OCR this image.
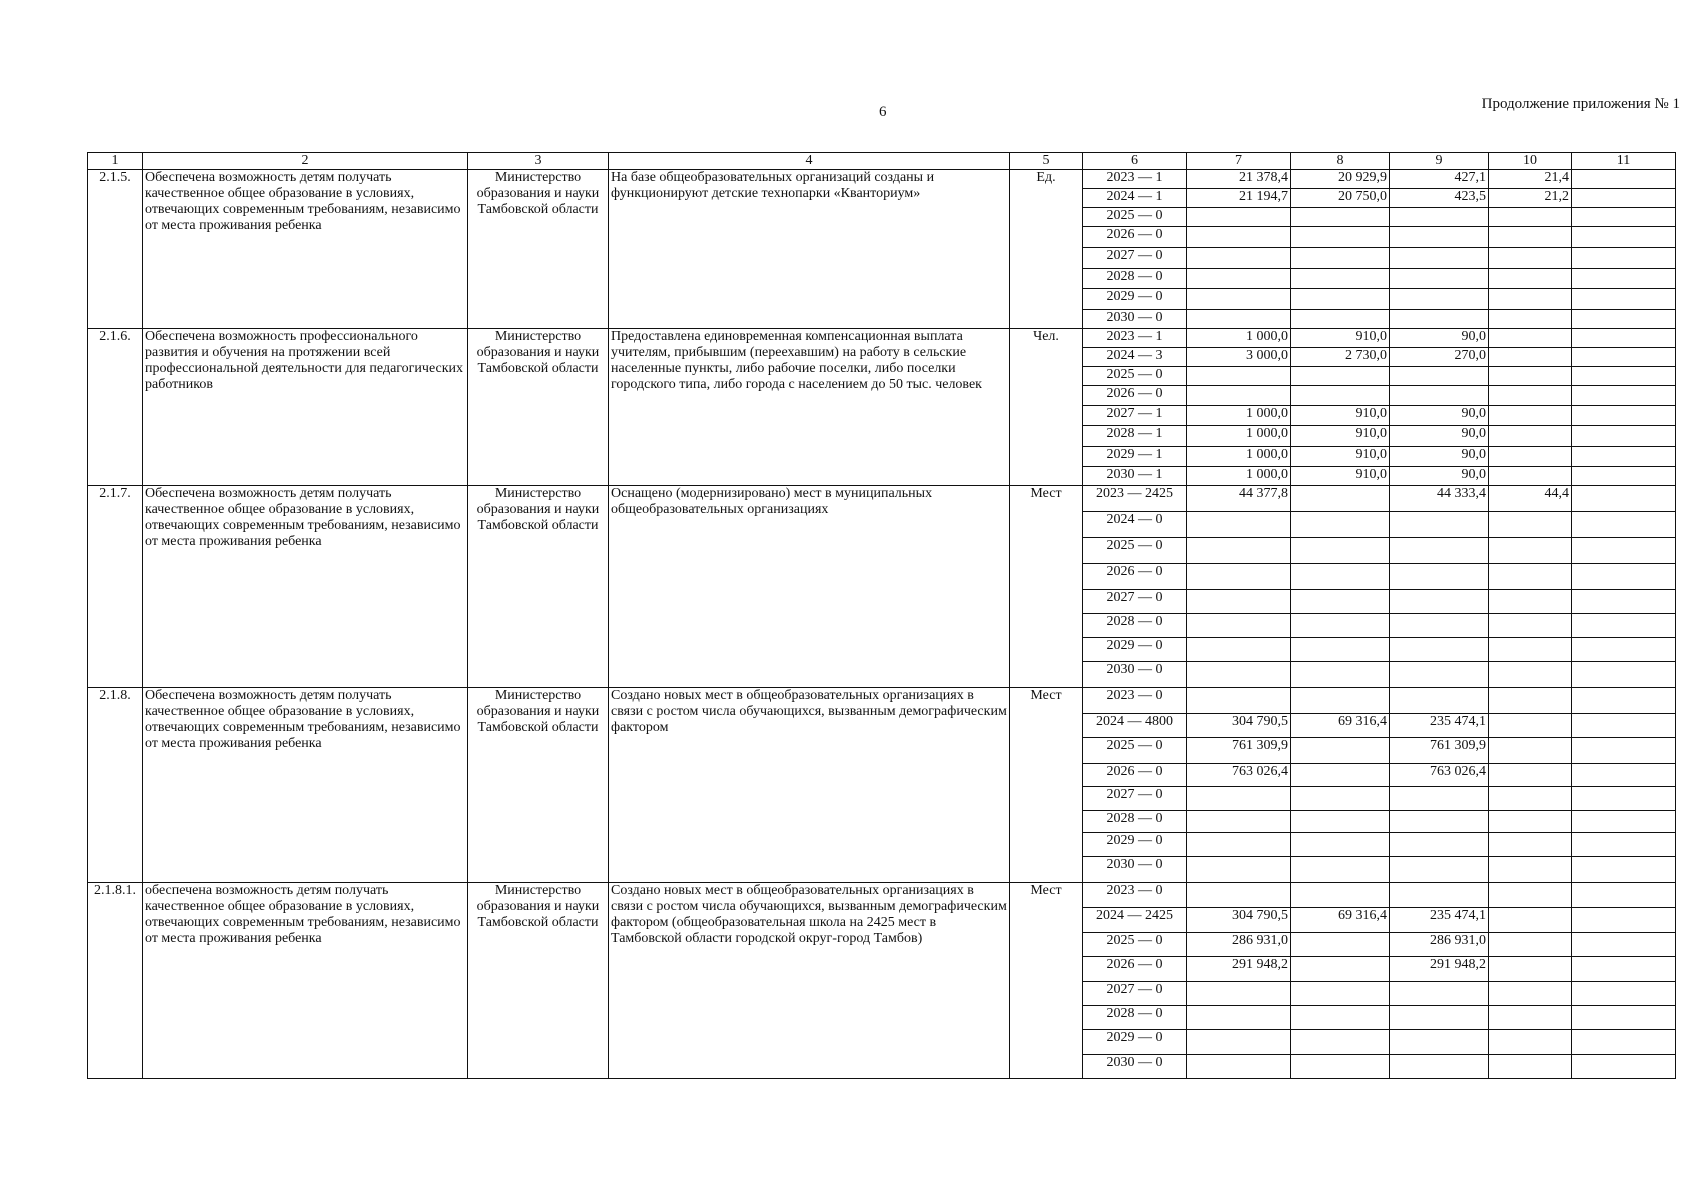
6	Продолжение приложения № 1
1	2	3	4	5	6	7	8	9	10	11
2.1.5.	Обеспечена возможность детям получать качественное общее образование в условиях, отвечающих современным требованиям, независимо от места проживания ребенка	Министерство образования и науки Тамбовской области	На базе общеобразовательных организаций созданы и функционируют детские технопарки «Кванториум»	Ед.	2023 — 1	21 378,4	20 929,9	427,1	21,4	
					2024 — 1	21 194,7	20 750,0	423,5	21,2	
					2025 — 0					
					2026 — 0					
					2027 — 0					
					2028 — 0					
					2029 — 0					
					2030 — 0					
2.1.6.	Обеспечена возможность профессионального развития и обучения на протяжении всей профессиональной деятельности для педагогических работников	Министерство образования и науки Тамбовской области	Предоставлена единовременная компенсационная выплата учителям, прибывшим (переехавшим) на работу в сельские населенные пункты, либо рабочие поселки, либо поселки городского типа, либо города с населением до 50 тыс. человек	Чел.	2023 — 1	1 000,0	910,0	90,0		
					2024 — 3	3 000,0	2 730,0	270,0		
					2025 — 0					
					2026 — 0					
					2027 — 1	1 000,0	910,0	90,0		
					2028 — 1	1 000,0	910,0	90,0		
					2029 — 1	1 000,0	910,0	90,0		
					2030 — 1	1 000,0	910,0	90,0		
2.1.7.	Обеспечена возможность детям получать качественное общее образование в условиях, отвечающих современным требованиям, независимо от места проживания ребенка	Министерство образования и науки Тамбовской области	Оснащено (модернизировано) мест в муниципальных общеобразовательных организациях	Мест	2023 — 2425	44 377,8		44 333,4	44,4	
					2024 — 0					
					2025 — 0					
					2026 — 0					
					2027 — 0					
					2028 — 0					
					2029 — 0					
					2030 — 0					
2.1.8.	Обеспечена возможность детям получать качественное общее образование в условиях, отвечающих современным требованиям, независимо от места проживания ребенка	Министерство образования и науки Тамбовской области	Создано новых мест в общеобразовательных организациях в связи с ростом числа обучающихся, вызванным демографическим фактором	Мест	2023 — 0					
					2024 — 4800	304 790,5	69 316,4	235 474,1		
					2025 — 0	761 309,9		761 309,9		
					2026 — 0	763 026,4		763 026,4		
					2027 — 0					
					2028 — 0					
					2029 — 0					
					2030 — 0					
2.1.8.1.	обеспечена возможность детям получать качественное общее образование в условиях, отвечающих современным требованиям, независимо от места проживания ребенка	Министерство образования и науки Тамбовской области	Создано новых мест в общеобразовательных организациях в связи с ростом числа обучающихся, вызванным демографическим фактором (общеобразовательная школа на 2425 мест в Тамбовской области городской округ-город Тамбов)	Мест	2023 — 0					
					2024 — 2425	304 790,5	69 316,4	235 474,1		
					2025 — 0	286 931,0		286 931,0		
					2026 — 0	291 948,2		291 948,2		
					2027 — 0					
					2028 — 0					
					2029 — 0					
					2030 — 0					
